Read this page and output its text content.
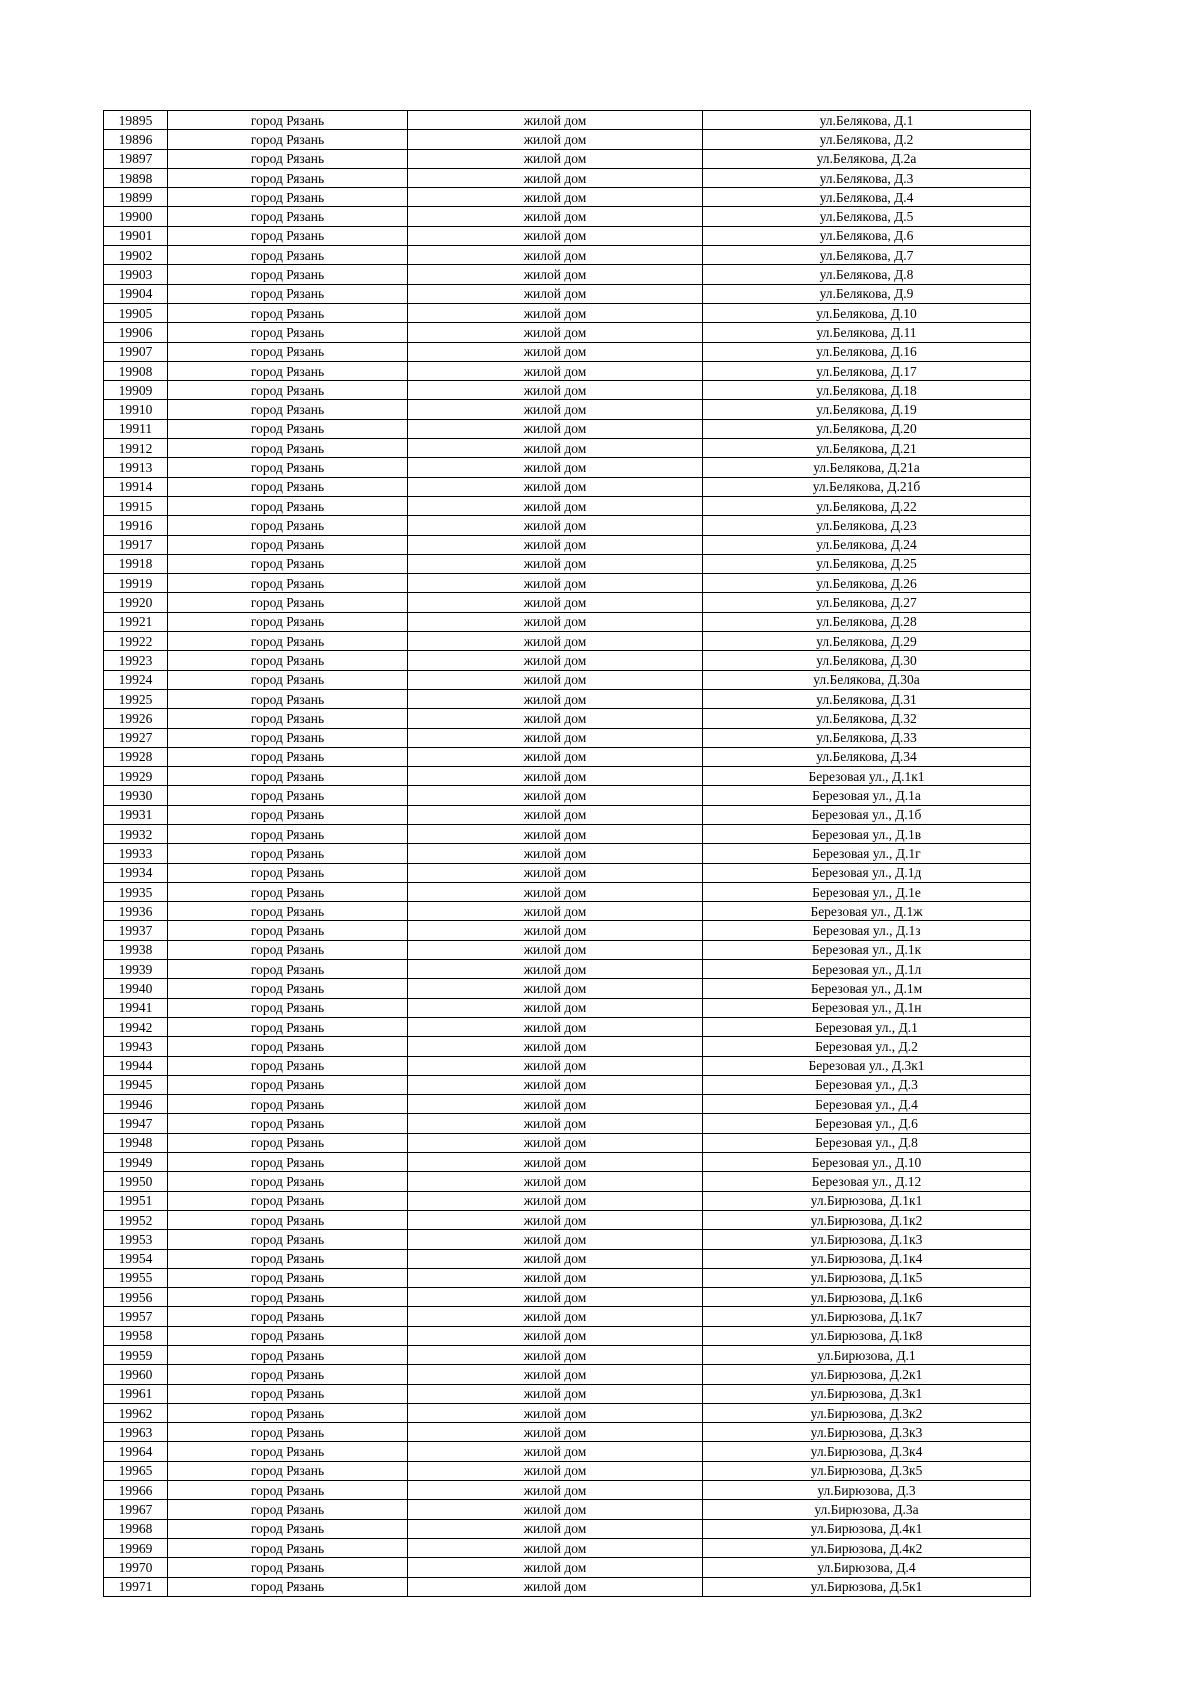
19895	город Рязань	жилой дом	ул.Белякова, Д.1
19896	город Рязань	жилой дом	ул.Белякова, Д.2
19897	город Рязань	жилой дом	ул.Белякова, Д.2а
19898	город Рязань	жилой дом	ул.Белякова, Д.3
19899	город Рязань	жилой дом	ул.Белякова, Д.4
19900	город Рязань	жилой дом	ул.Белякова, Д.5
19901	город Рязань	жилой дом	ул.Белякова, Д.6
19902	город Рязань	жилой дом	ул.Белякова, Д.7
19903	город Рязань	жилой дом	ул.Белякова, Д.8
19904	город Рязань	жилой дом	ул.Белякова, Д.9
19905	город Рязань	жилой дом	ул.Белякова, Д.10
19906	город Рязань	жилой дом	ул.Белякова, Д.11
19907	город Рязань	жилой дом	ул.Белякова, Д.16
19908	город Рязань	жилой дом	ул.Белякова, Д.17
19909	город Рязань	жилой дом	ул.Белякова, Д.18
19910	город Рязань	жилой дом	ул.Белякова, Д.19
19911	город Рязань	жилой дом	ул.Белякова, Д.20
19912	город Рязань	жилой дом	ул.Белякова, Д.21
19913	город Рязань	жилой дом	ул.Белякова, Д.21а
19914	город Рязань	жилой дом	ул.Белякова, Д.21б
19915	город Рязань	жилой дом	ул.Белякова, Д.22
19916	город Рязань	жилой дом	ул.Белякова, Д.23
19917	город Рязань	жилой дом	ул.Белякова, Д.24
19918	город Рязань	жилой дом	ул.Белякова, Д.25
19919	город Рязань	жилой дом	ул.Белякова, Д.26
19920	город Рязань	жилой дом	ул.Белякова, Д.27
19921	город Рязань	жилой дом	ул.Белякова, Д.28
19922	город Рязань	жилой дом	ул.Белякова, Д.29
19923	город Рязань	жилой дом	ул.Белякова, Д.30
19924	город Рязань	жилой дом	ул.Белякова, Д.30а
19925	город Рязань	жилой дом	ул.Белякова, Д.31
19926	город Рязань	жилой дом	ул.Белякова, Д.32
19927	город Рязань	жилой дом	ул.Белякова, Д.33
19928	город Рязань	жилой дом	ул.Белякова, Д.34
19929	город Рязань	жилой дом	Березовая ул., Д.1к1
19930	город Рязань	жилой дом	Березовая ул., Д.1а
19931	город Рязань	жилой дом	Березовая ул., Д.1б
19932	город Рязань	жилой дом	Березовая ул., Д.1в
19933	город Рязань	жилой дом	Березовая ул., Д.1г
19934	город Рязань	жилой дом	Березовая ул., Д.1д
19935	город Рязань	жилой дом	Березовая ул., Д.1е
19936	город Рязань	жилой дом	Березовая ул., Д.1ж
19937	город Рязань	жилой дом	Березовая ул., Д.1з
19938	город Рязань	жилой дом	Березовая ул., Д.1к
19939	город Рязань	жилой дом	Березовая ул., Д.1л
19940	город Рязань	жилой дом	Березовая ул., Д.1м
19941	город Рязань	жилой дом	Березовая ул., Д.1н
19942	город Рязань	жилой дом	Березовая ул., Д.1
19943	город Рязань	жилой дом	Березовая ул., Д.2
19944	город Рязань	жилой дом	Березовая ул., Д.3к1
19945	город Рязань	жилой дом	Березовая ул., Д.3
19946	город Рязань	жилой дом	Березовая ул., Д.4
19947	город Рязань	жилой дом	Березовая ул., Д.6
19948	город Рязань	жилой дом	Березовая ул., Д.8
19949	город Рязань	жилой дом	Березовая ул., Д.10
19950	город Рязань	жилой дом	Березовая ул., Д.12
19951	город Рязань	жилой дом	ул.Бирюзова, Д.1к1
19952	город Рязань	жилой дом	ул.Бирюзова, Д.1к2
19953	город Рязань	жилой дом	ул.Бирюзова, Д.1к3
19954	город Рязань	жилой дом	ул.Бирюзова, Д.1к4
19955	город Рязань	жилой дом	ул.Бирюзова, Д.1к5
19956	город Рязань	жилой дом	ул.Бирюзова, Д.1к6
19957	город Рязань	жилой дом	ул.Бирюзова, Д.1к7
19958	город Рязань	жилой дом	ул.Бирюзова, Д.1к8
19959	город Рязань	жилой дом	ул.Бирюзова, Д.1
19960	город Рязань	жилой дом	ул.Бирюзова, Д.2к1
19961	город Рязань	жилой дом	ул.Бирюзова, Д.3к1
19962	город Рязань	жилой дом	ул.Бирюзова, Д.3к2
19963	город Рязань	жилой дом	ул.Бирюзова, Д.3к3
19964	город Рязань	жилой дом	ул.Бирюзова, Д.3к4
19965	город Рязань	жилой дом	ул.Бирюзова, Д.3к5
19966	город Рязань	жилой дом	ул.Бирюзова, Д.3
19967	город Рязань	жилой дом	ул.Бирюзова, Д.3а
19968	город Рязань	жилой дом	ул.Бирюзова, Д.4к1
19969	город Рязань	жилой дом	ул.Бирюзова, Д.4к2
19970	город Рязань	жилой дом	ул.Бирюзова, Д.4
19971	город Рязань	жилой дом	ул.Бирюзова, Д.5к1
